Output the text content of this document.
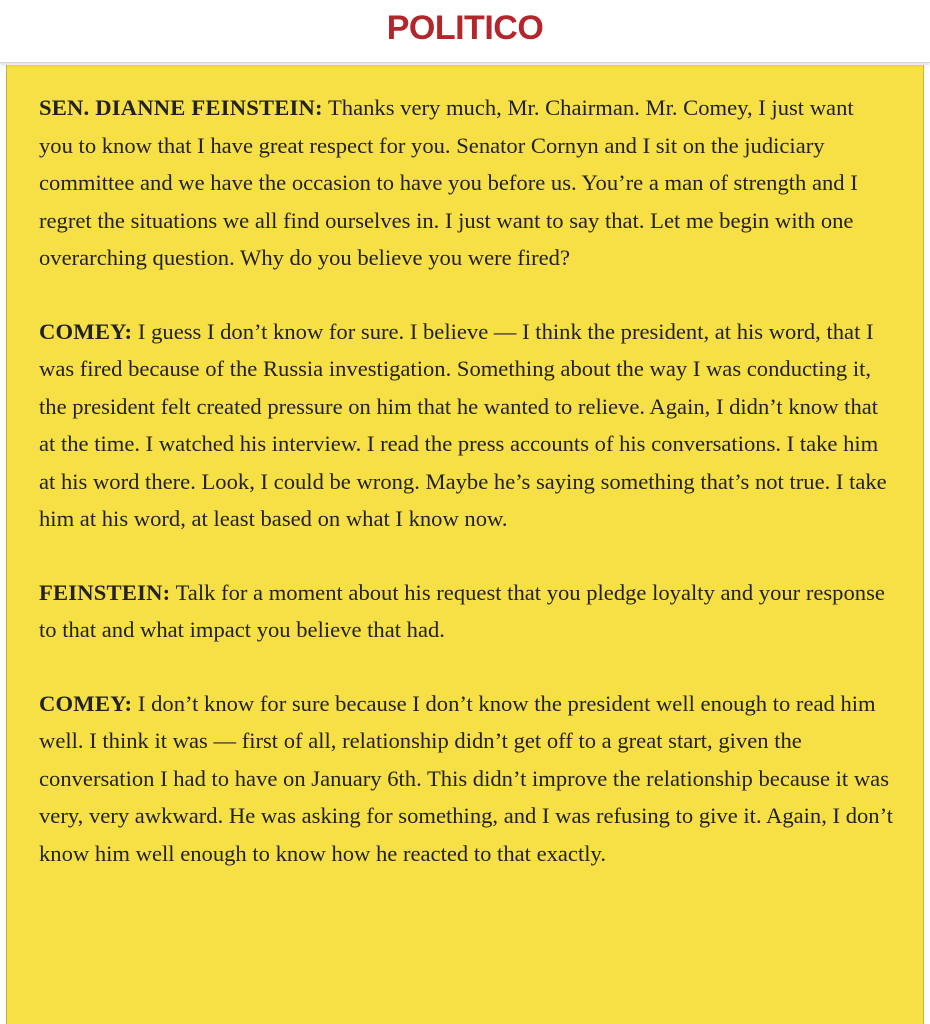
POLITICO

SEN. DIANNE FEINSTEIN: Thanks very much, Mr. Chairman. Mr. Comey, I just want you to know that I have great respect for you. Senator Cornyn and I sit on the judiciary committee and we have the occasion to have you before us. You’re a man of strength and I regret the situations we all find ourselves in. I just want to say that. Let me begin with one overarching question. Why do you believe you were fired?

COMEY: I guess I don’t know for sure. I believe — I think the president, at his word, that I was fired because of the Russia investigation. Something about the way I was conducting it, the president felt created pressure on him that he wanted to relieve. Again, I didn’t know that at the time. I watched his interview. I read the press accounts of his conversations. I take him at his word there. Look, I could be wrong. Maybe he’s saying something that’s not true. I take him at his word, at least based on what I know now.

FEINSTEIN: Talk for a moment about his request that you pledge loyalty and your response to that and what impact you believe that had.

COMEY: I don’t know for sure because I don’t know the president well enough to read him well. I think it was — first of all, relationship didn’t get off to a great start, given the conversation I had to have on January 6th. This didn’t improve the relationship because it was very, very awkward. He was asking for something, and I was refusing to give it. Again, I don’t know him well enough to know how he reacted to that exactly.
